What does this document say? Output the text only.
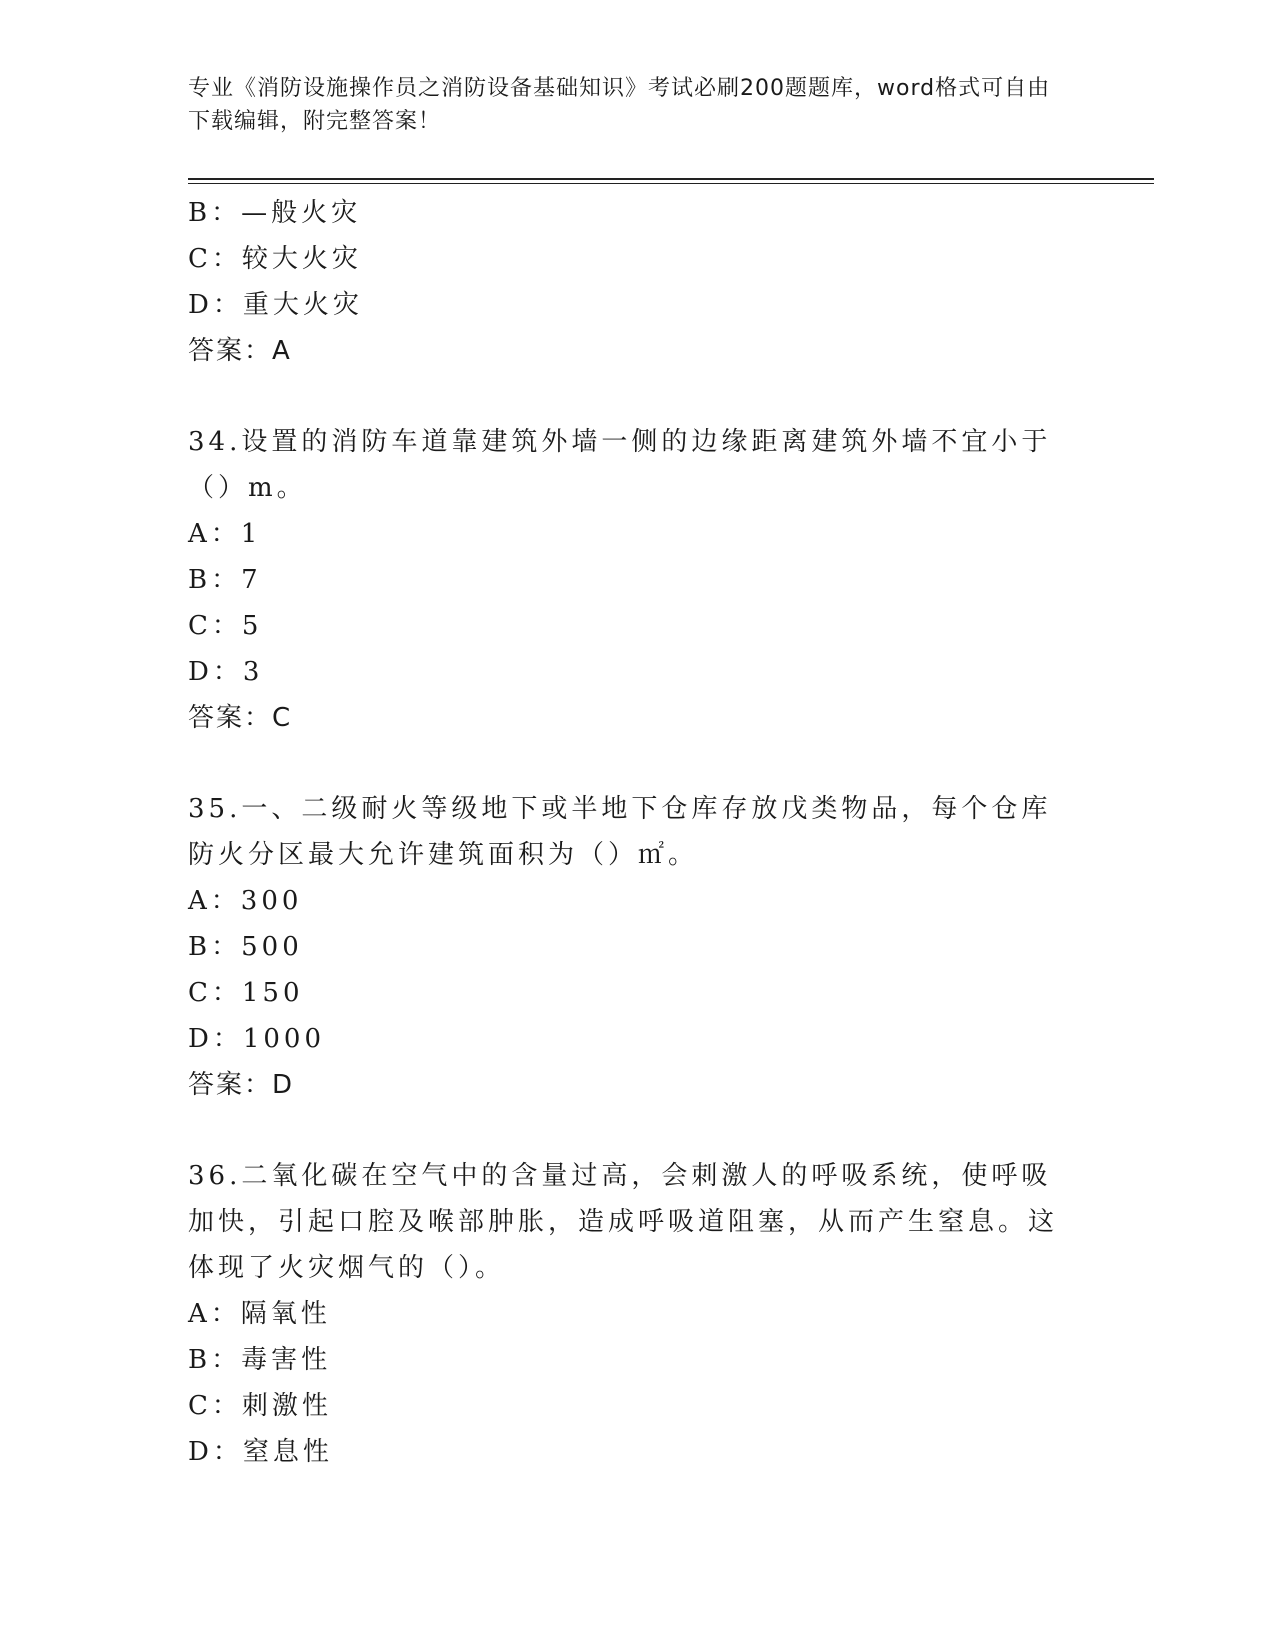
专业《消防设施操作员之消防设备基础知识》考试必刷200题题库，word格式可自由下载编辑，附完整答案！
B：—般火灾
C：较大火灾
D：重大火灾
答案：A
34.设置的消防车道靠建筑外墙一侧的边缘距离建筑外墙不宜小于（）m。
A：1
B：7
C：5
D：3
答案：C
35.一、二级耐火等级地下或半地下仓库存放戊类物品，每个仓库防火分区最大允许建筑面积为（）㎡。
A：300
B：500
C：150
D：1000
答案：D
36.二氧化碳在空气中的含量过高，会刺激人的呼吸系统，使呼吸加快，引起口腔及喉部肿胀，造成呼吸道阻塞，从而产生窒息。这体现了火灾烟气的（）。
A：隔氧性
B：毒害性
C：刺激性
D：窒息性
